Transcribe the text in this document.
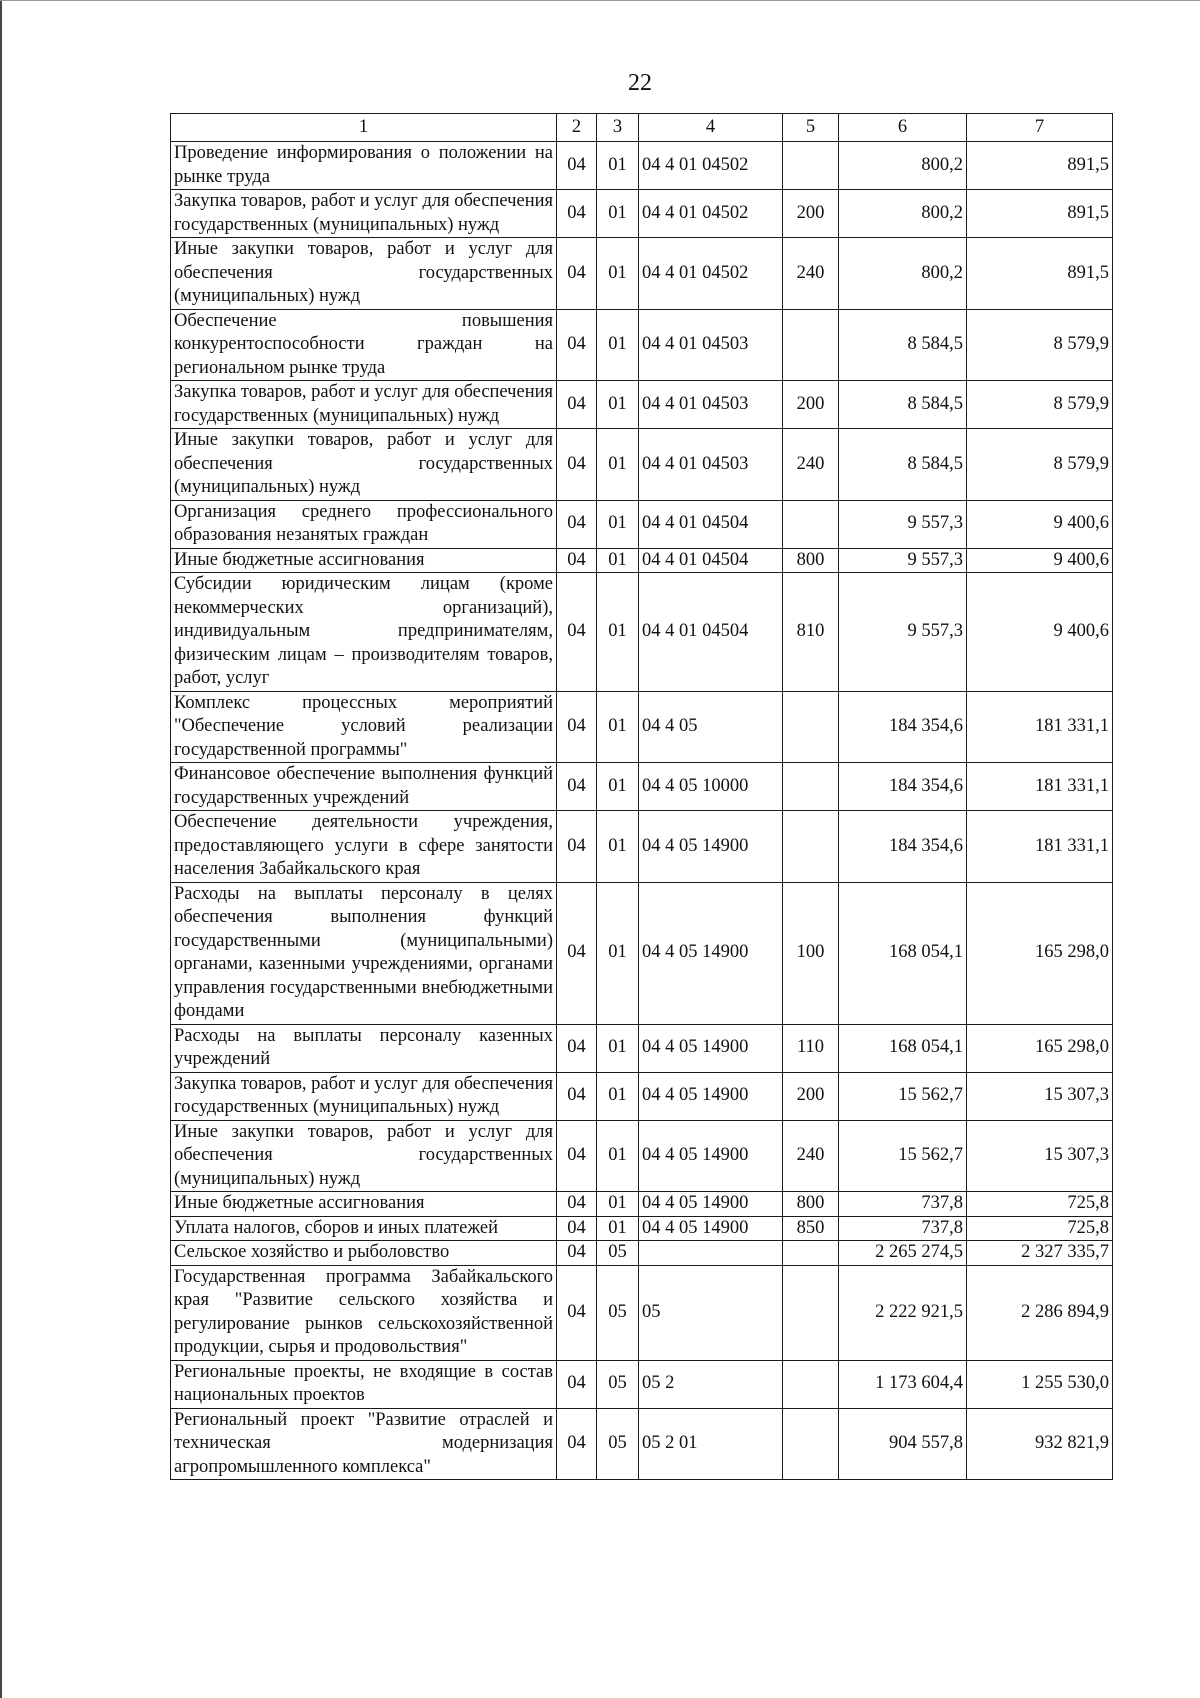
22
1	2	3	4	5	6	7
Проведение информирования о положении на рынке труда	04	01	04 4 01 04502		800,2	891,5
Закупка товаров, работ и услуг для обеспечения государственных (муниципальных) нужд	04	01	04 4 01 04502	200	800,2	891,5
Иные закупки товаров, работ и услуг для обеспечения государственных (муниципальных) нужд	04	01	04 4 01 04502	240	800,2	891,5
Обеспечение повышения конкурентоспособности граждан на региональном рынке труда	04	01	04 4 01 04503		8 584,5	8 579,9
Закупка товаров, работ и услуг для обеспечения государственных (муниципальных) нужд	04	01	04 4 01 04503	200	8 584,5	8 579,9
Иные закупки товаров, работ и услуг для обеспечения государственных (муниципальных) нужд	04	01	04 4 01 04503	240	8 584,5	8 579,9
Организация среднего профессионального образования незанятых граждан	04	01	04 4 01 04504		9 557,3	9 400,6
Иные бюджетные ассигнования	04	01	04 4 01 04504	800	9 557,3	9 400,6
Субсидии юридическим лицам (кроме некоммерческих организаций), индивидуальным предпринимателям, физическим лицам – производителям товаров, работ, услуг	04	01	04 4 01 04504	810	9 557,3	9 400,6
Комплекс процессных мероприятий "Обеспечение условий реализации государственной программы"	04	01	04 4 05		184 354,6	181 331,1
Финансовое обеспечение выполнения функций государственных учреждений	04	01	04 4 05 10000		184 354,6	181 331,1
Обеспечение деятельности учреждения, предоставляющего услуги в сфере занятости населения Забайкальского края	04	01	04 4 05 14900		184 354,6	181 331,1
Расходы на выплаты персоналу в целях обеспечения выполнения функций государственными (муниципальными) органами, казенными учреждениями, органами управления государственными внебюджетными фондами	04	01	04 4 05 14900	100	168 054,1	165 298,0
Расходы на выплаты персоналу казенных учреждений	04	01	04 4 05 14900	110	168 054,1	165 298,0
Закупка товаров, работ и услуг для обеспечения государственных (муниципальных) нужд	04	01	04 4 05 14900	200	15 562,7	15 307,3
Иные закупки товаров, работ и услуг для обеспечения государственных (муниципальных) нужд	04	01	04 4 05 14900	240	15 562,7	15 307,3
Иные бюджетные ассигнования	04	01	04 4 05 14900	800	737,8	725,8
Уплата налогов, сборов и иных платежей	04	01	04 4 05 14900	850	737,8	725,8
Сельское хозяйство и рыболовство	04	05			2 265 274,5	2 327 335,7
Государственная программа Забайкальского края "Развитие сельского хозяйства и регулирование рынков сельскохозяйственной продукции, сырья и продовольствия"	04	05	05		2 222 921,5	2 286 894,9
Региональные проекты, не входящие в состав национальных проектов	04	05	05 2		1 173 604,4	1 255 530,0
Региональный проект "Развитие отраслей и техническая модернизация агропромышленного комплекса"	04	05	05 2 01		904 557,8	932 821,9
